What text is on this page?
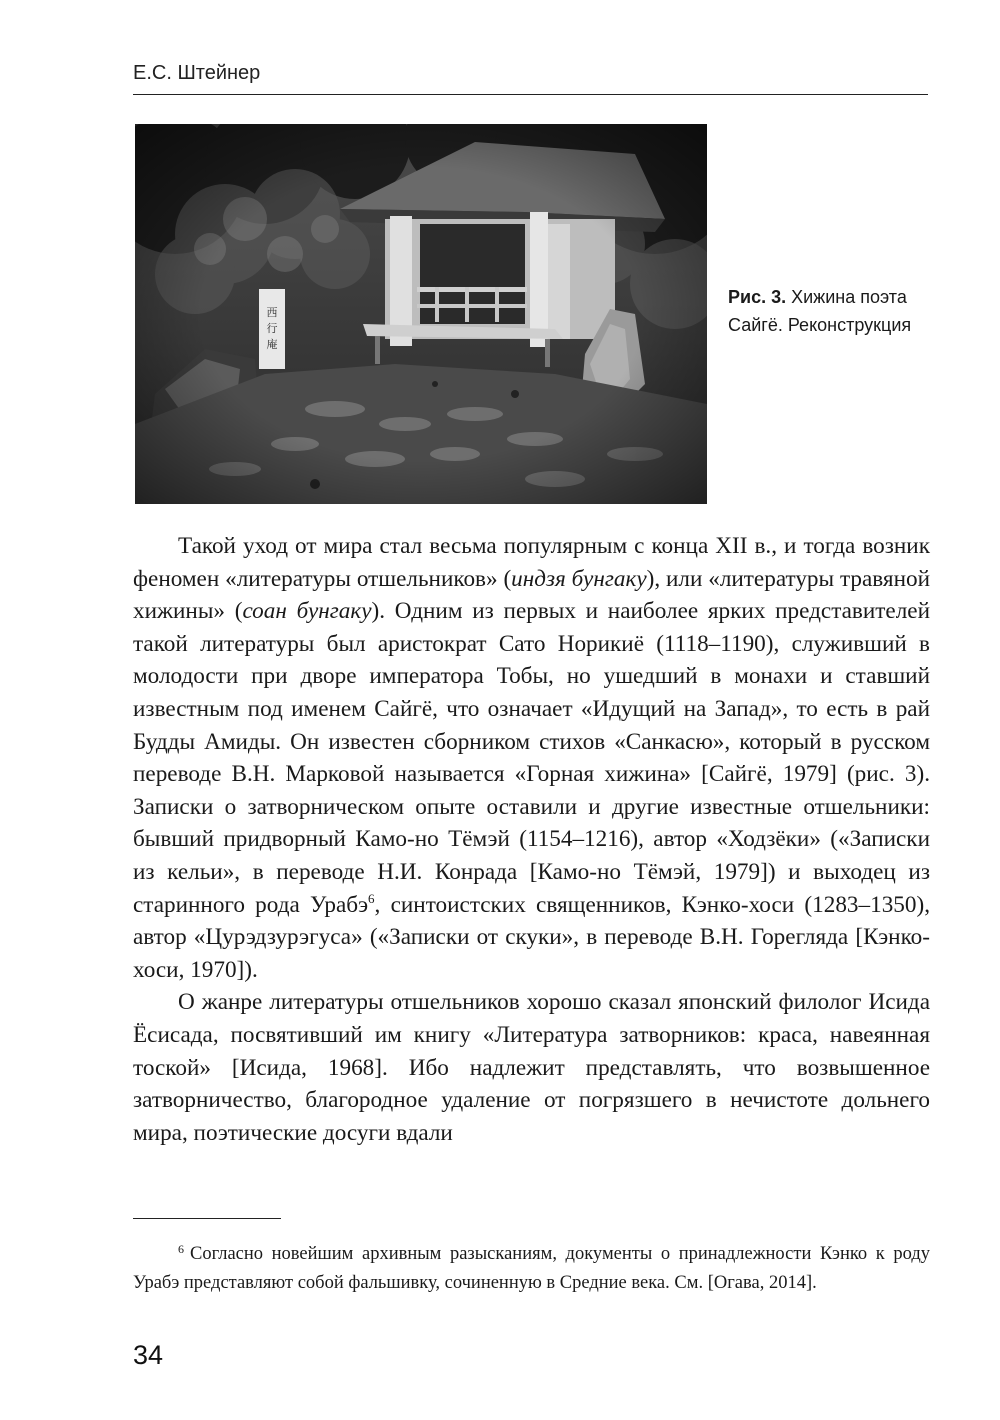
Е.С. Штейнер
Рис. 3. Хижина поэта
Сайгё. Реконструкция

Такой уход от мира стал весьма популярным с конца XII в., и тогда возник феномен «литературы отшельников» (индзя бунгаку), или «литературы травяной хижины» (соан бунгаку). Одним из первых и наиболее ярких представителей такой литературы был аристократ Сато Норикиё (1118–1190), служивший в молодости при дворе императора Тобы, но ушедший в монахи и ставший известным под именем Сайгё, что означает «Идущий на Запад», то есть в рай Будды Амиды. Он известен сборником стихов «Санкасю», который в русском переводе В.Н. Марковой называется «Горная хижина» [Сайгё, 1979] (рис. 3). Записки о затворническом опыте оставили и другие известные отшельники: бывший придворный Камо-но Тёмэй (1154–1216), автор «Ходзёки» («Записки из кельи», в переводе Н.И. Конрада [Камо-но Тёмэй, 1979]) и выходец из старинного рода Урабэ$^6$, синтоистских священников, Кэнко-хоси (1283–1350), автор «Цурэдзурэгуса» («Записки от скуки», в переводе В.Н. Горегляда [Кэнко-хоси, 1970]).

О жанре литературы отшельников хорошо сказал японский филолог Исида Ёсисада, посвятивший им книгу «Литература затворников: краса, навеянная тоской» [Исида, 1968]. Ибо надлежит представлять, что возвышенное затворничество, благородное удаление от погрязшего в нечистоте дольнего мира, поэтические досуги вдали

$^6$ Согласно новейшим архивным разысканиям, документы о принадлежности Кэнко к роду Урабэ представляют собой фальшивку, сочиненную в Средние века. См. [Огава, 2014].

34
